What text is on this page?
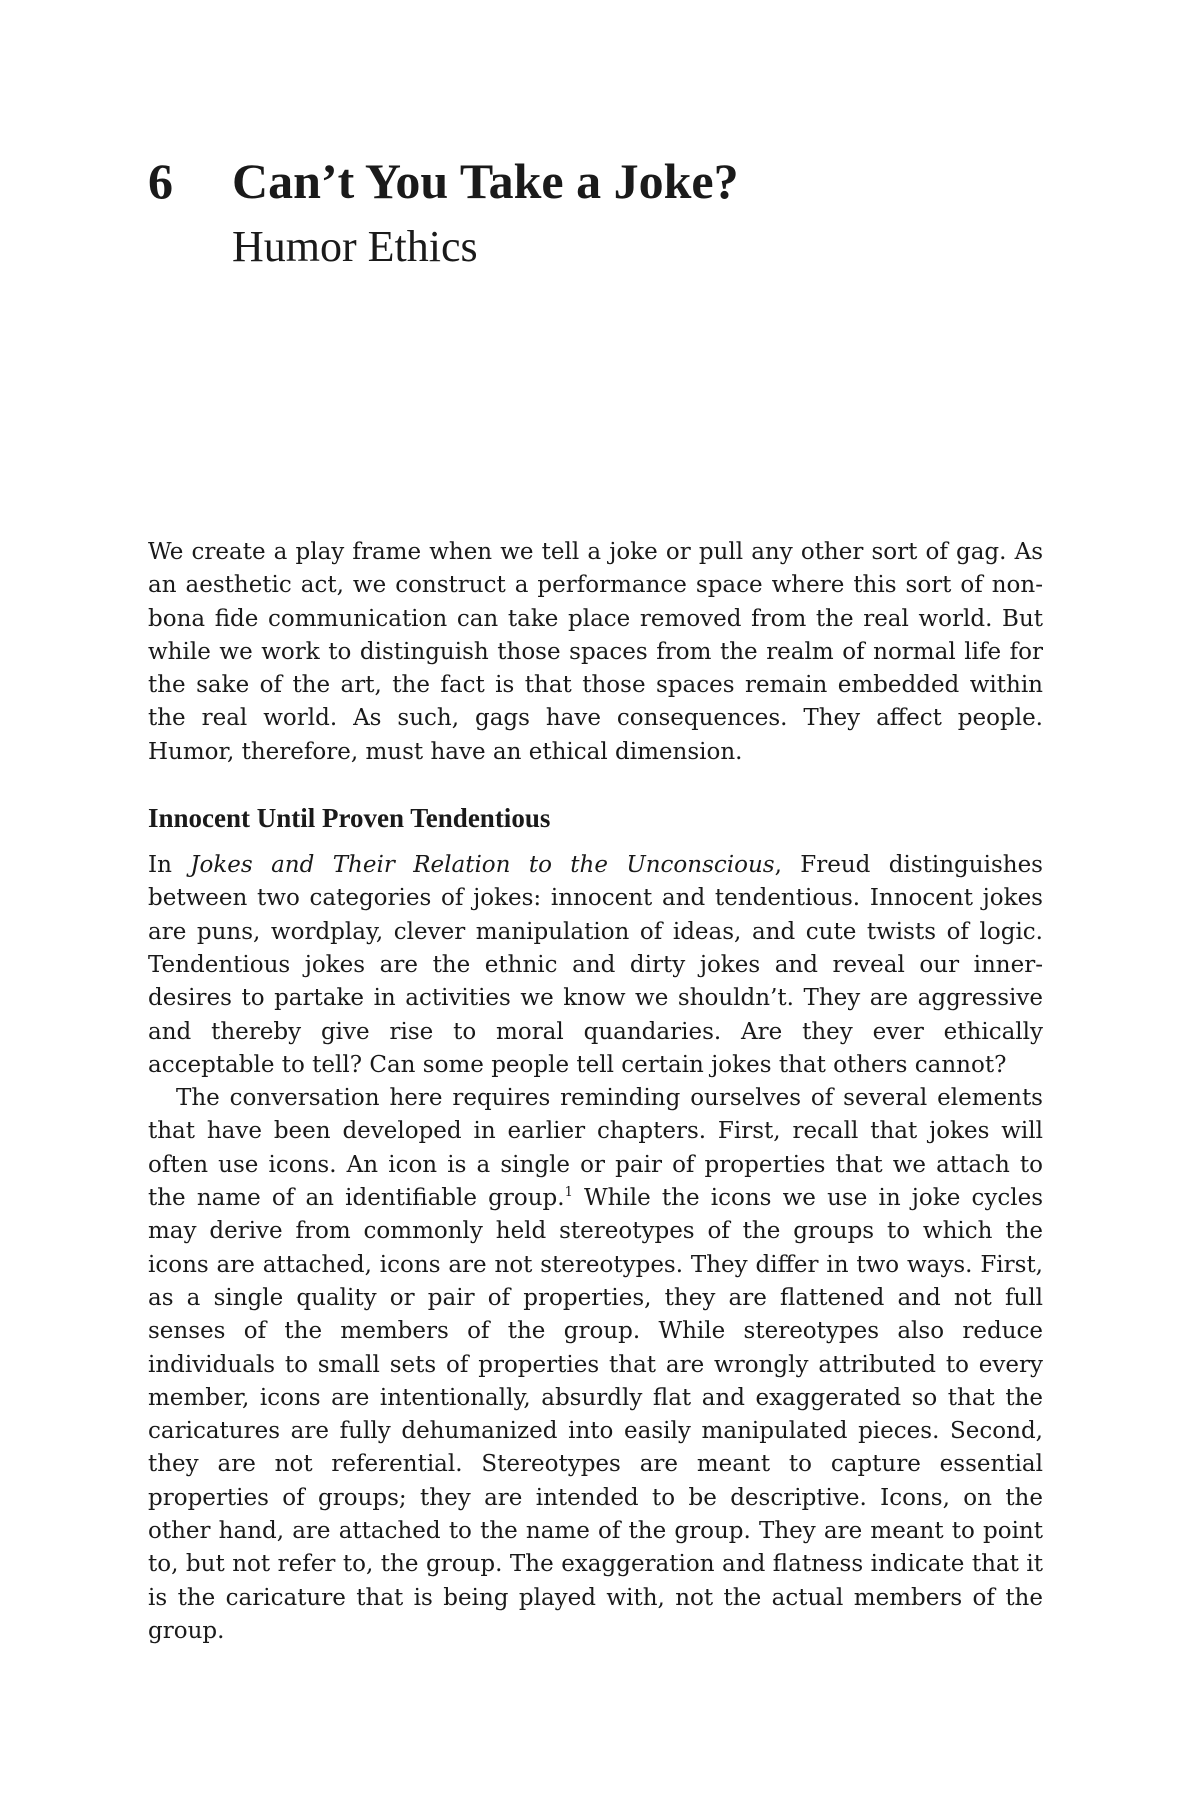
6 Can’t You Take a Joke?
Humor Ethics

We create a play frame when we tell a joke or pull any other sort of gag. As an aesthetic act, we construct a performance space where this sort of non-bona fide communication can take place removed from the real world. But while we work to distinguish those spaces from the realm of normal life for the sake of the art, the fact is that those spaces remain embedded within the real world. As such, gags have consequences. They affect people. Humor, therefore, must have an ethical dimension.

Innocent Until Proven Tendentious

In Jokes and Their Relation to the Unconscious, Freud distinguishes between two categories of jokes: innocent and tendentious. Innocent jokes are puns, wordplay, clever manipulation of ideas, and cute twists of logic. Tendentious jokes are the ethnic and dirty jokes and reveal our inner-desires to partake in activities we know we shouldn’t. They are aggressive and thereby give rise to moral quandaries. Are they ever ethically acceptable to tell? Can some people tell certain jokes that others cannot?

The conversation here requires reminding ourselves of several elements that have been developed in earlier chapters. First, recall that jokes will often use icons. An icon is a single or pair of properties that we attach to the name of an identifiable group.$^1$ While the icons we use in joke cycles may derive from commonly held stereotypes of the groups to which the icons are attached, icons are not stereotypes. They differ in two ways. First, as a single quality or pair of properties, they are flattened and not full senses of the members of the group. While stereotypes also reduce individuals to small sets of properties that are wrongly attributed to every member, icons are intentionally, absurdly flat and exaggerated so that the caricatures are fully dehumanized into easily manipulated pieces. Second, they are not referential. Stereotypes are meant to capture essential properties of groups; they are intended to be descriptive. Icons, on the other hand, are attached to the name of the group. They are meant to point to, but not refer to, the group. The exaggeration and flatness indicate that it is the caricature that is being played with, not the actual members of the group.
